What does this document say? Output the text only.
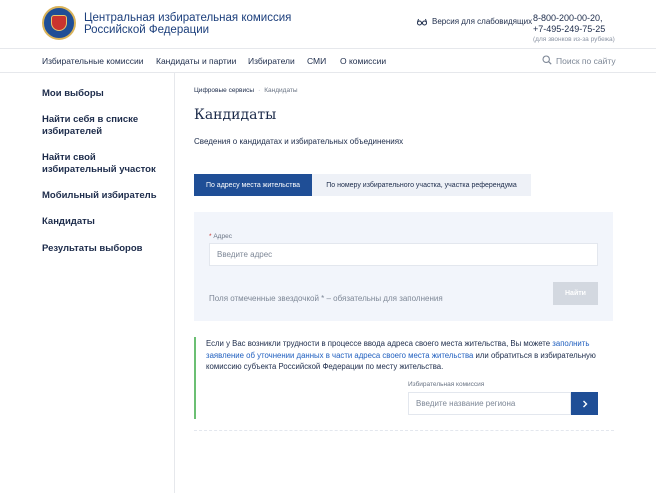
Центральная избирательная комиссия
Российской Федерации
Версия для слабовидящих 8-800-200-00-20,
+7-495-249-75-25
(для звонков из-за рубежа)
Избирательные комиссии Кандидаты и партии Избиратели СМИ О комиссии	Поиск по сайту
Мои выборы
Найти себя в списке избирателей
Найти свой избирательный участок
Мобильный избиратель
Кандидаты
Результаты выборов
Цифровые сервисы · Кандидаты
Кандидаты
Сведения о кандидатах и избирательных объединениях
По адресу места жительства	По номеру избирательного участка, участка референдума
* Адрес
Введите адрес
Поля отмеченные звездочкой * – обязательны для заполнения
Найти
Если у Вас возникли трудности в процессе ввода адреса своего места жительства, Вы можете заполнить заявление об уточнении данных в части адреса своего места жительства или обратиться в избирательную комиссию субъекта Российской Федерации по месту жительства.
Избирательная комиссия
Введите название региона
